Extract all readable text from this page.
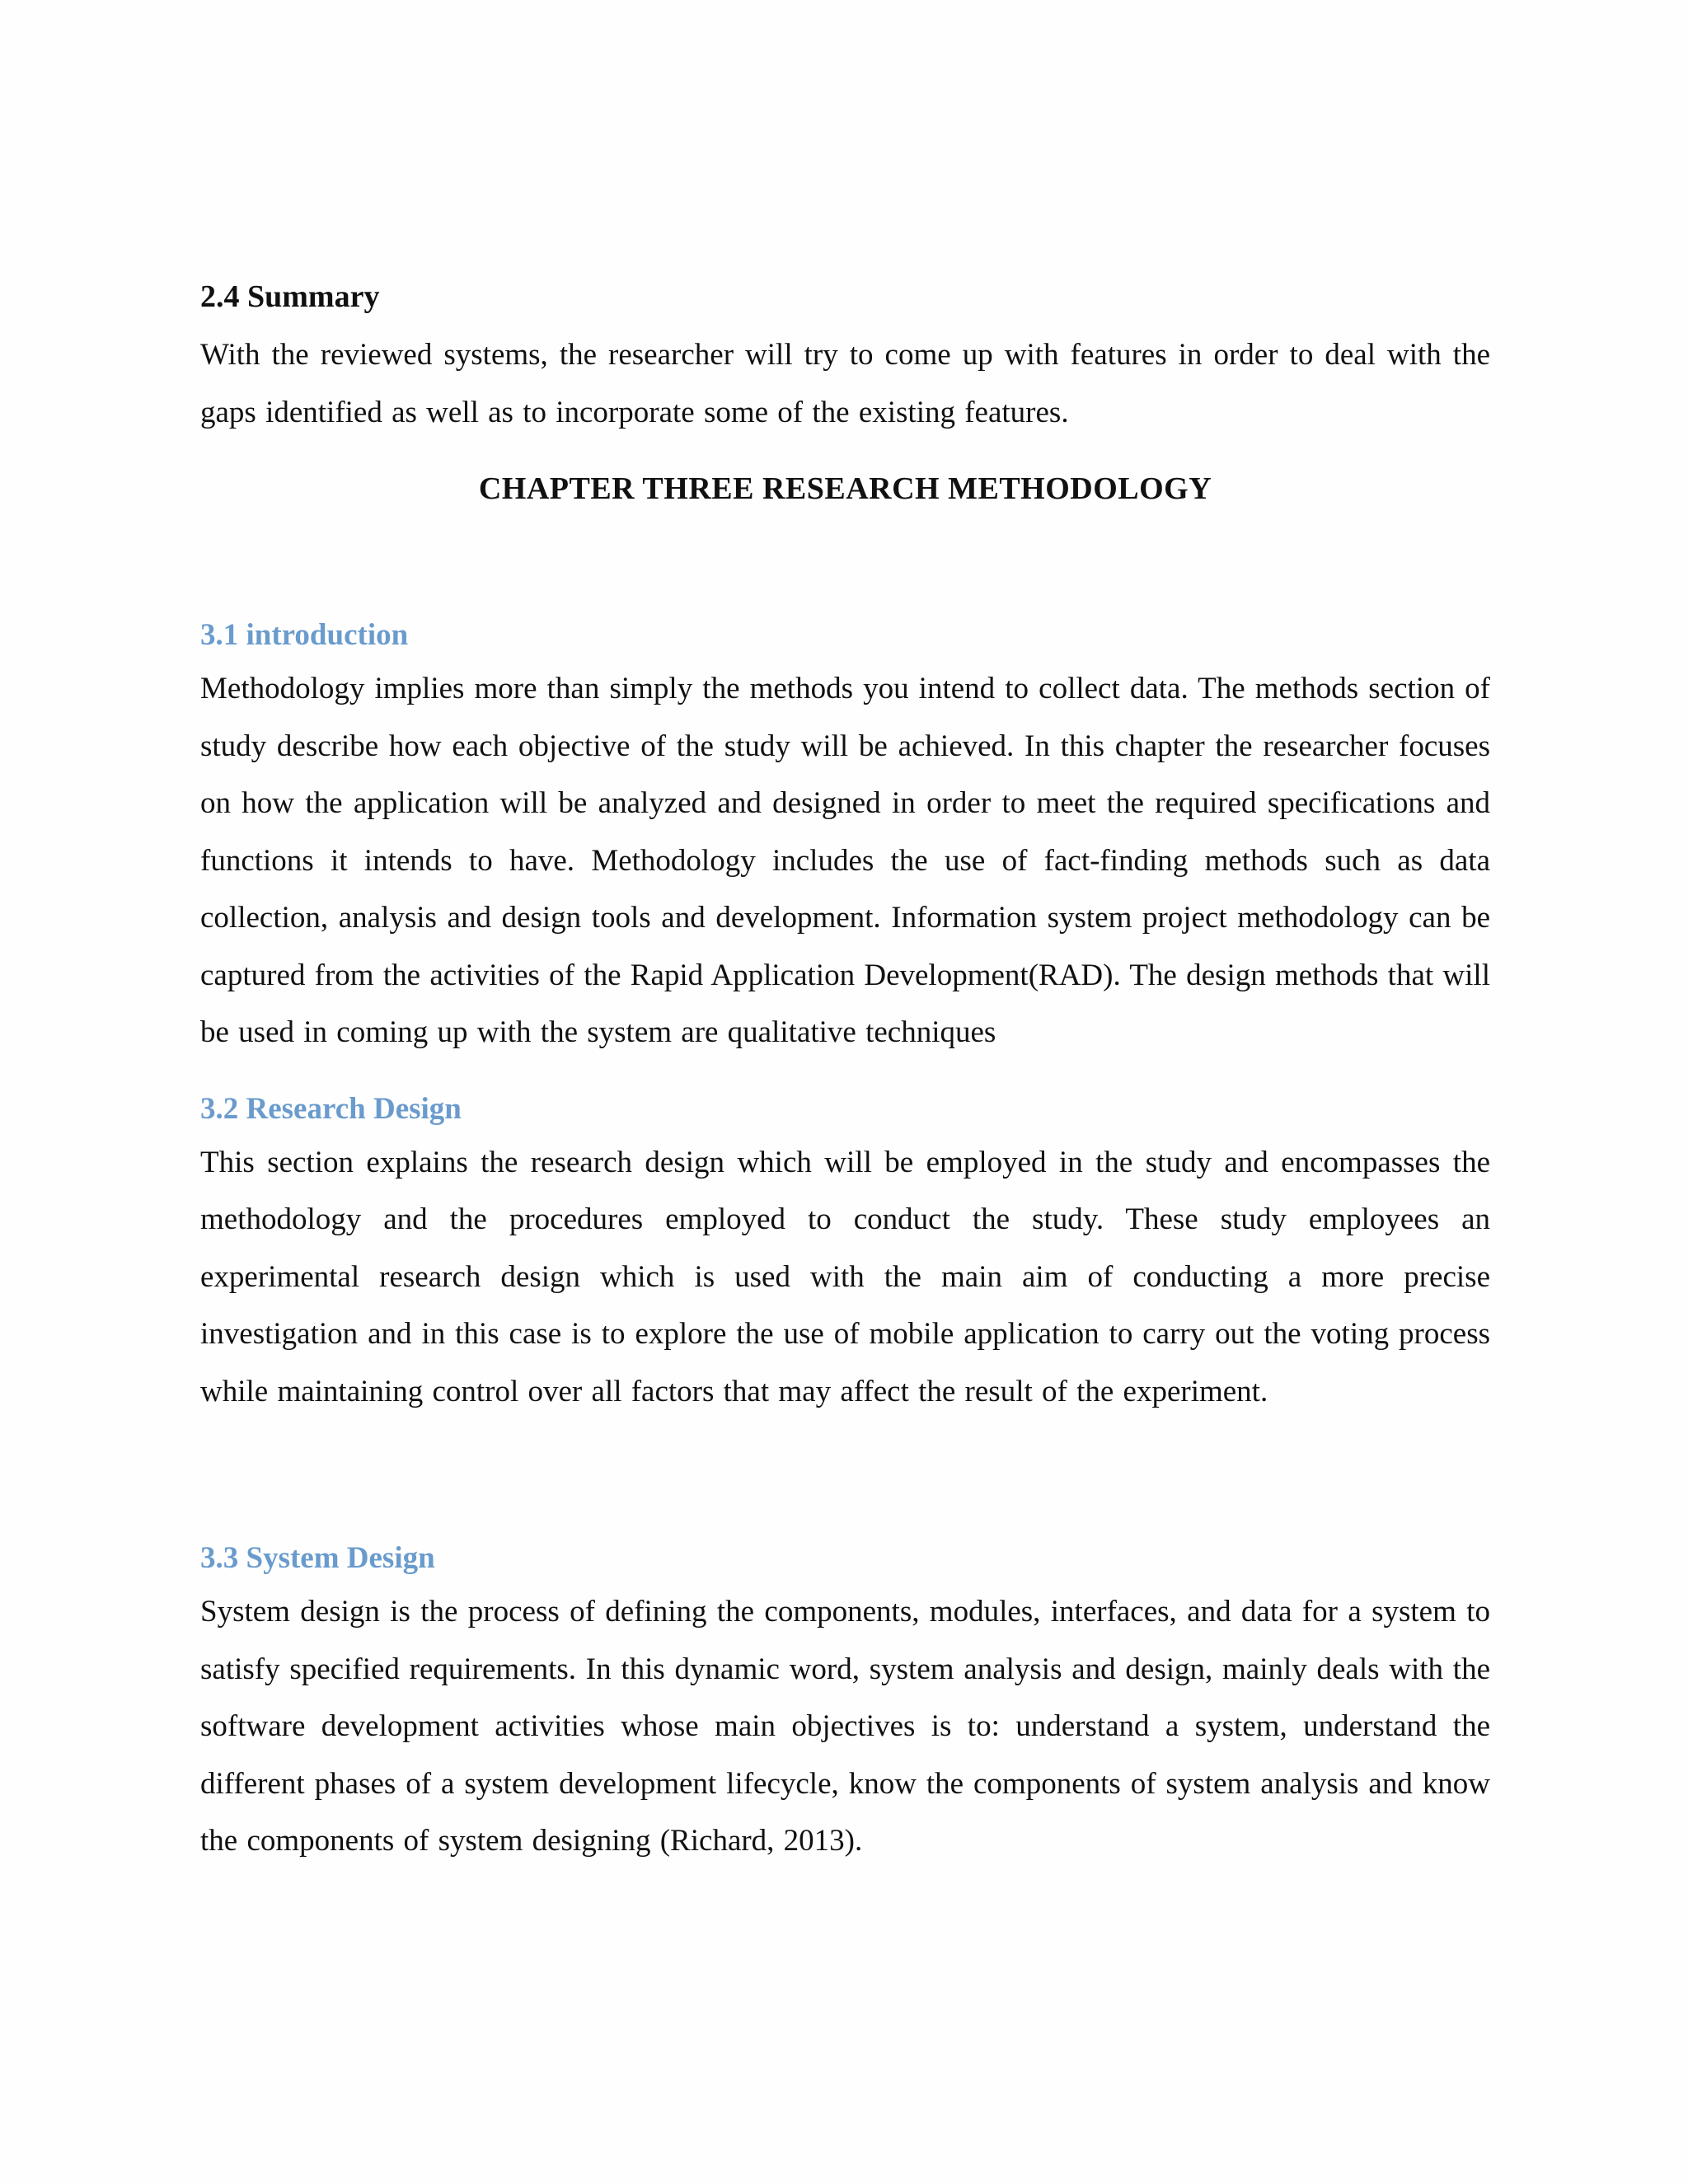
2.4 Summary

With the reviewed systems, the researcher will try to come up with features in order to deal with the gaps identified as well as to incorporate some of the existing features.

CHAPTER THREE RESEARCH METHODOLOGY

3.1 introduction

Methodology implies more than simply the methods you intend to collect data. The methods section of study describe how each objective of the study will be achieved. In this chapter the researcher focuses on how the application will be analyzed and designed in order to meet the required specifications and functions it intends to have. Methodology includes the use of fact-finding methods such as data collection, analysis and design tools and development. Information system project methodology can be captured from the activities of the Rapid Application Development(RAD). The design methods that will be used in coming up with the system are qualitative techniques

3.2 Research Design

This section explains the research design which will be employed in the study and encompasses the methodology and the procedures employed to conduct the study. These study employees an experimental research design which is used with the main aim of conducting a more precise investigation and in this case is to explore the use of mobile application to carry out the voting process while maintaining control over all factors that may affect the result of the experiment.

3.3 System Design

System design is the process of defining the components, modules, interfaces, and data for a system to satisfy specified requirements. In this dynamic word, system analysis and design, mainly deals with the software development activities whose main objectives is to: understand a system, understand the different phases of a system development lifecycle, know the components of system analysis and know the components of system designing (Richard, 2013).
